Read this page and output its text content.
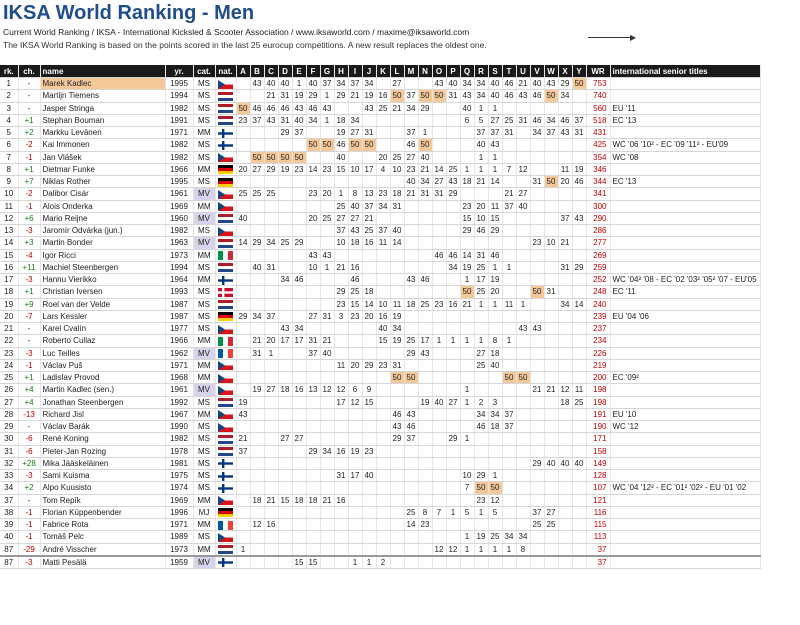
IKSA World Ranking - Men
Current World Ranking / IKSA - International Kicksled & Scooter Association / www.iksaworld.com / maxime@iksaworld.com
The IKSA World Ranking is based on the points scored in the last 25 eurocup competitions. A new result replaces the oldest one.
▶
rk.	ch.	name	yr.	cat.	nat.	A	B	C	D	E	F	G	H	I	J	K	L	M	N	O	P	Q	R	S	T	U	V	W	X	Y	WR	international senior titles
1	-	Marek Kadlec	1995	MS			43	40	40	1	40	37	34	37	34		27			43	40	34	34	40	46	21	40	43	29	50	753	
2	-	Martijn Tiemens	1994	MS				21	31	19	29	1	29	21	19	16	50	37	50	50	31	43	34	40	46	43	46	50	34		740	
3	-	Jasper Stringa	1982	MS		50	46	46	46	43	46	43			43	25	21	34	29			40	1	1							560	EU '11
4	+1	Stephan Bouman	1991	MS		23	37	43	31	40	34	1	18	34								6	5	27	25	31	46	34	46	37	518	EC '13
5	+2	Markku Levänen	1971	MM					29	37			19	27	31			37	1				37	37	31		34	37	43	31	431	
6	-2	Kai Immonen	1982	MS							50	50	46	50	50			46	50				40	43							425	WC '06 '10² - EC '09 '11² - EU'09
7	-1	Jan Vlášek	1982	MS			50	50	50	50			40			20	25	27	40				1	1							354	WC '08
8	+1	Dietmar Funke	1966	MM		20	27	29	19	23	14	23	15	10	17	4	10	23	21	14	25	1	1	1	7	12			11	19	346	
9	+7	Niklas Rother	1995	MS														40	34	27	43	18	21	14			31	50	20	46	344	EC '13
10	-2	Dalibor Cisár	1961	MV		25	25	25			23	20	1	8	13	23	18	21	31	31	29				21	27					341	
11	-1	Alois Onderka	1969	MM									25	40	37	34	31					23	20	11	37	40					300	
12	+6	Mario Reijne	1960	MV		40					20	25	27	27	21							15	10	15					37	43	290	
13	-3	Jaromír Odvárka (jun.)	1982	MS									37	43	25	37	40					29	46	29							286	
14	+3	Martin Bonder	1963	MV		14	29	34	25	29			10	18	16	11	14										23	10	21		277	
15	-4	Igor Ricci	1973	MM							43	43								46	46	14	31	46							269	
16	+11	Machiel Steenbergen	1994	MS			40	31			10	1	21	16							34	19	25	1	1				31	29	259	
17	-3	Hannu Vierikko	1964	MM					34	46				46				43	46			1	17	19							252	WC '04² '08 - EC '02 '03² '05² '07 - EU'05
18	+1	Christian Iversen	1993	MS									29	25	18							50	25	20			50	31			248	EC '11
19	+9	Roel van der Velde	1987	MS									23	15	14	10	11	18	25	23	16	21	1	1	11	1			34	14	240	
20	-7	Lars Kessler	1987	MS		29	34	37			27	31	3	23	20	16	19														239	EU '04 '06
21	-	Karel Cvalín	1977	MS					43	34						40	34									43	43				237	
22	-	Roberto Cullaz	1966	MM			21	20	17	17	31	21				15	19	25	17	1	1	1	1	8	1						234	
23	-3	Luc Teilles	1962	MV			31	1			37	40						29	43				27	18							226	
24	-1	Václav Puš	1971	MM									11	20	29	23	31						25	40							219	
25	+1	Ladislav Provod	1968	MM													50	50							50	50					200	EC '09²
26	+4	Martin Kadlec (sen.)	1961	MV			19	27	18	16	13	12	12	6	9							1					21	21	12	11	198	
27	+4	Jonathan Steenbergen	1992	MS		19							17	12	15				19	40	27	1	2	3					18	25	198	
28	-13	Richard Jisl	1967	MM		43											46	43					34	34	37						191	EU '10
29	-	Václav Barák	1990	MS													43	46					46	18	37						190	WC '12
30	-6	René Koning	1982	MS		21			27	27							29	37			29	1									171	
31	-6	Pieter-Jan Rozing	1978	MS		37					29	34	16	19	23																158	
32	+28	Mika Jääskeläinen	1981	MS																							29	40	40	40	149	
33	-3	Sami Kuisma	1975	MS									31	17	40							10	29	1							128	
34	+2	Alpo Kuusisto	1974	MS																		7	50	50							107	WC '04 '12² - EC '01² '02² - EU '01 '02
37	-	Tom Repík	1969	MM			18	21	15	18	18	21	16										23	12							121	
38	-1	Florian Küppenbender	1996	MJ														25	8	7	1	5	1	5			37	27			116	
39	-1	Fabrice Rota	1971	MM			12	16										14	23								25	25			115	
40	-1	Tomáš Pelc	1989	MS																		1	19	25	34	34					113	
87	-29	André Visscher	1973	MM		1														12	12	1	1	1	1	8					37	
87	-3	Matti Pesälä	1959	MV						15	15			1	1	2															37	
